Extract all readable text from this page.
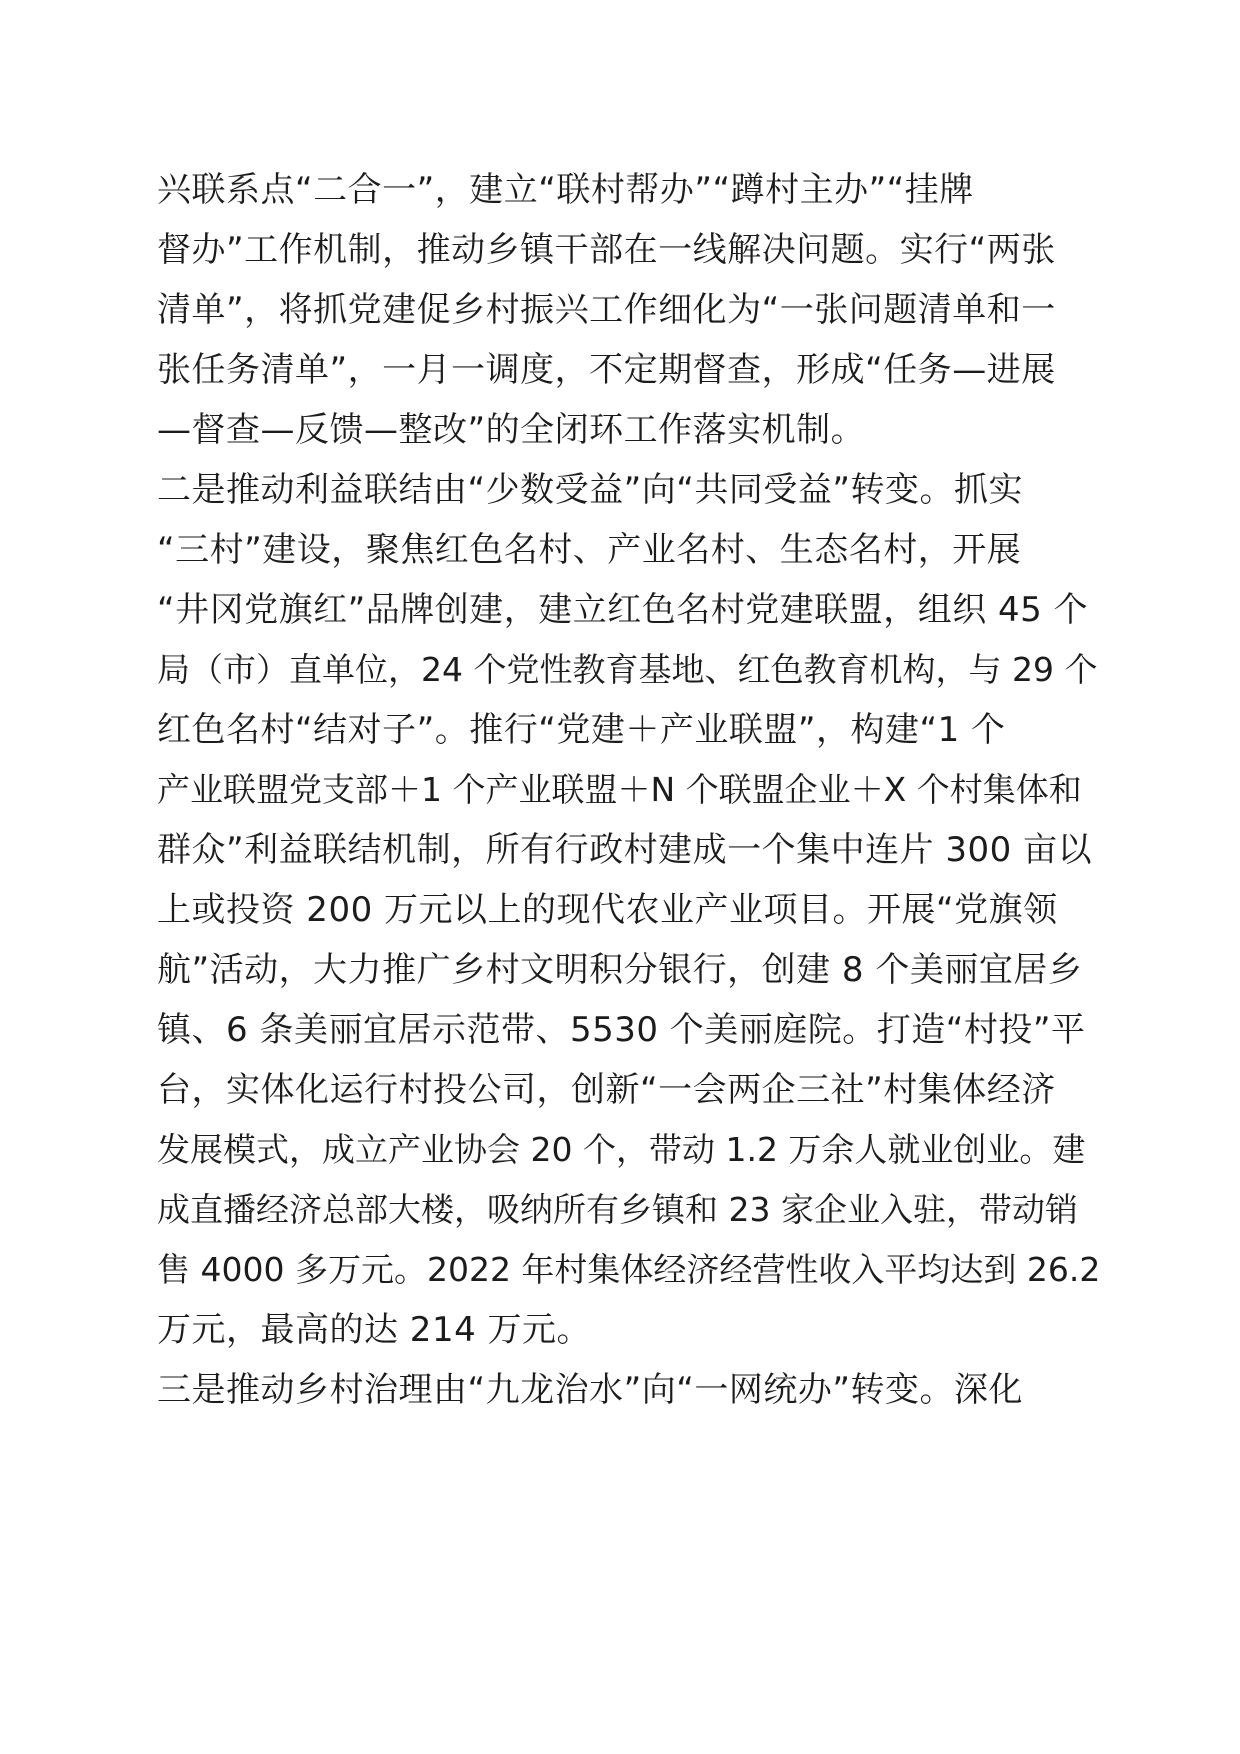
兴联系点“二合一”，建立“联村帮办”“蹲村主办”“挂牌
督办”工作机制，推动乡镇干部在一线解决问题。实行“两张
清单”，将抓党建促乡村振兴工作细化为“一张问题清单和一
张任务清单”，一月一调度，不定期督查，形成“任务—进展
—督查—反馈—整改”的全闭环工作落实机制。
二是推动利益联结由“少数受益”向“共同受益”转变。抓实
“三村”建设，聚焦红色名村、产业名村、生态名村，开展
“井冈党旗红”品牌创建，建立红色名村党建联盟，组织 45 个
局（市）直单位，24 个党性教育基地、红色教育机构，与 29 个
红色名村“结对子”。推行“党建＋产业联盟”，构建“1 个
产业联盟党支部＋1 个产业联盟＋N 个联盟企业＋X 个村集体和
群众”利益联结机制，所有行政村建成一个集中连片 300 亩以
上或投资 200 万元以上的现代农业产业项目。开展“党旗领
航”活动，大力推广乡村文明积分银行，创建 8 个美丽宜居乡
镇、6 条美丽宜居示范带、5530 个美丽庭院。打造“村投”平
台，实体化运行村投公司，创新“一会两企三社”村集体经济
发展模式，成立产业协会 20 个，带动 1.2 万余人就业创业。建
成直播经济总部大楼，吸纳所有乡镇和 23 家企业入驻，带动销
售 4000 多万元。2022 年村集体经济经营性收入平均达到 26.2
万元，最高的达 214 万元。
三是推动乡村治理由“九龙治水”向“一网统办”转变。深化
